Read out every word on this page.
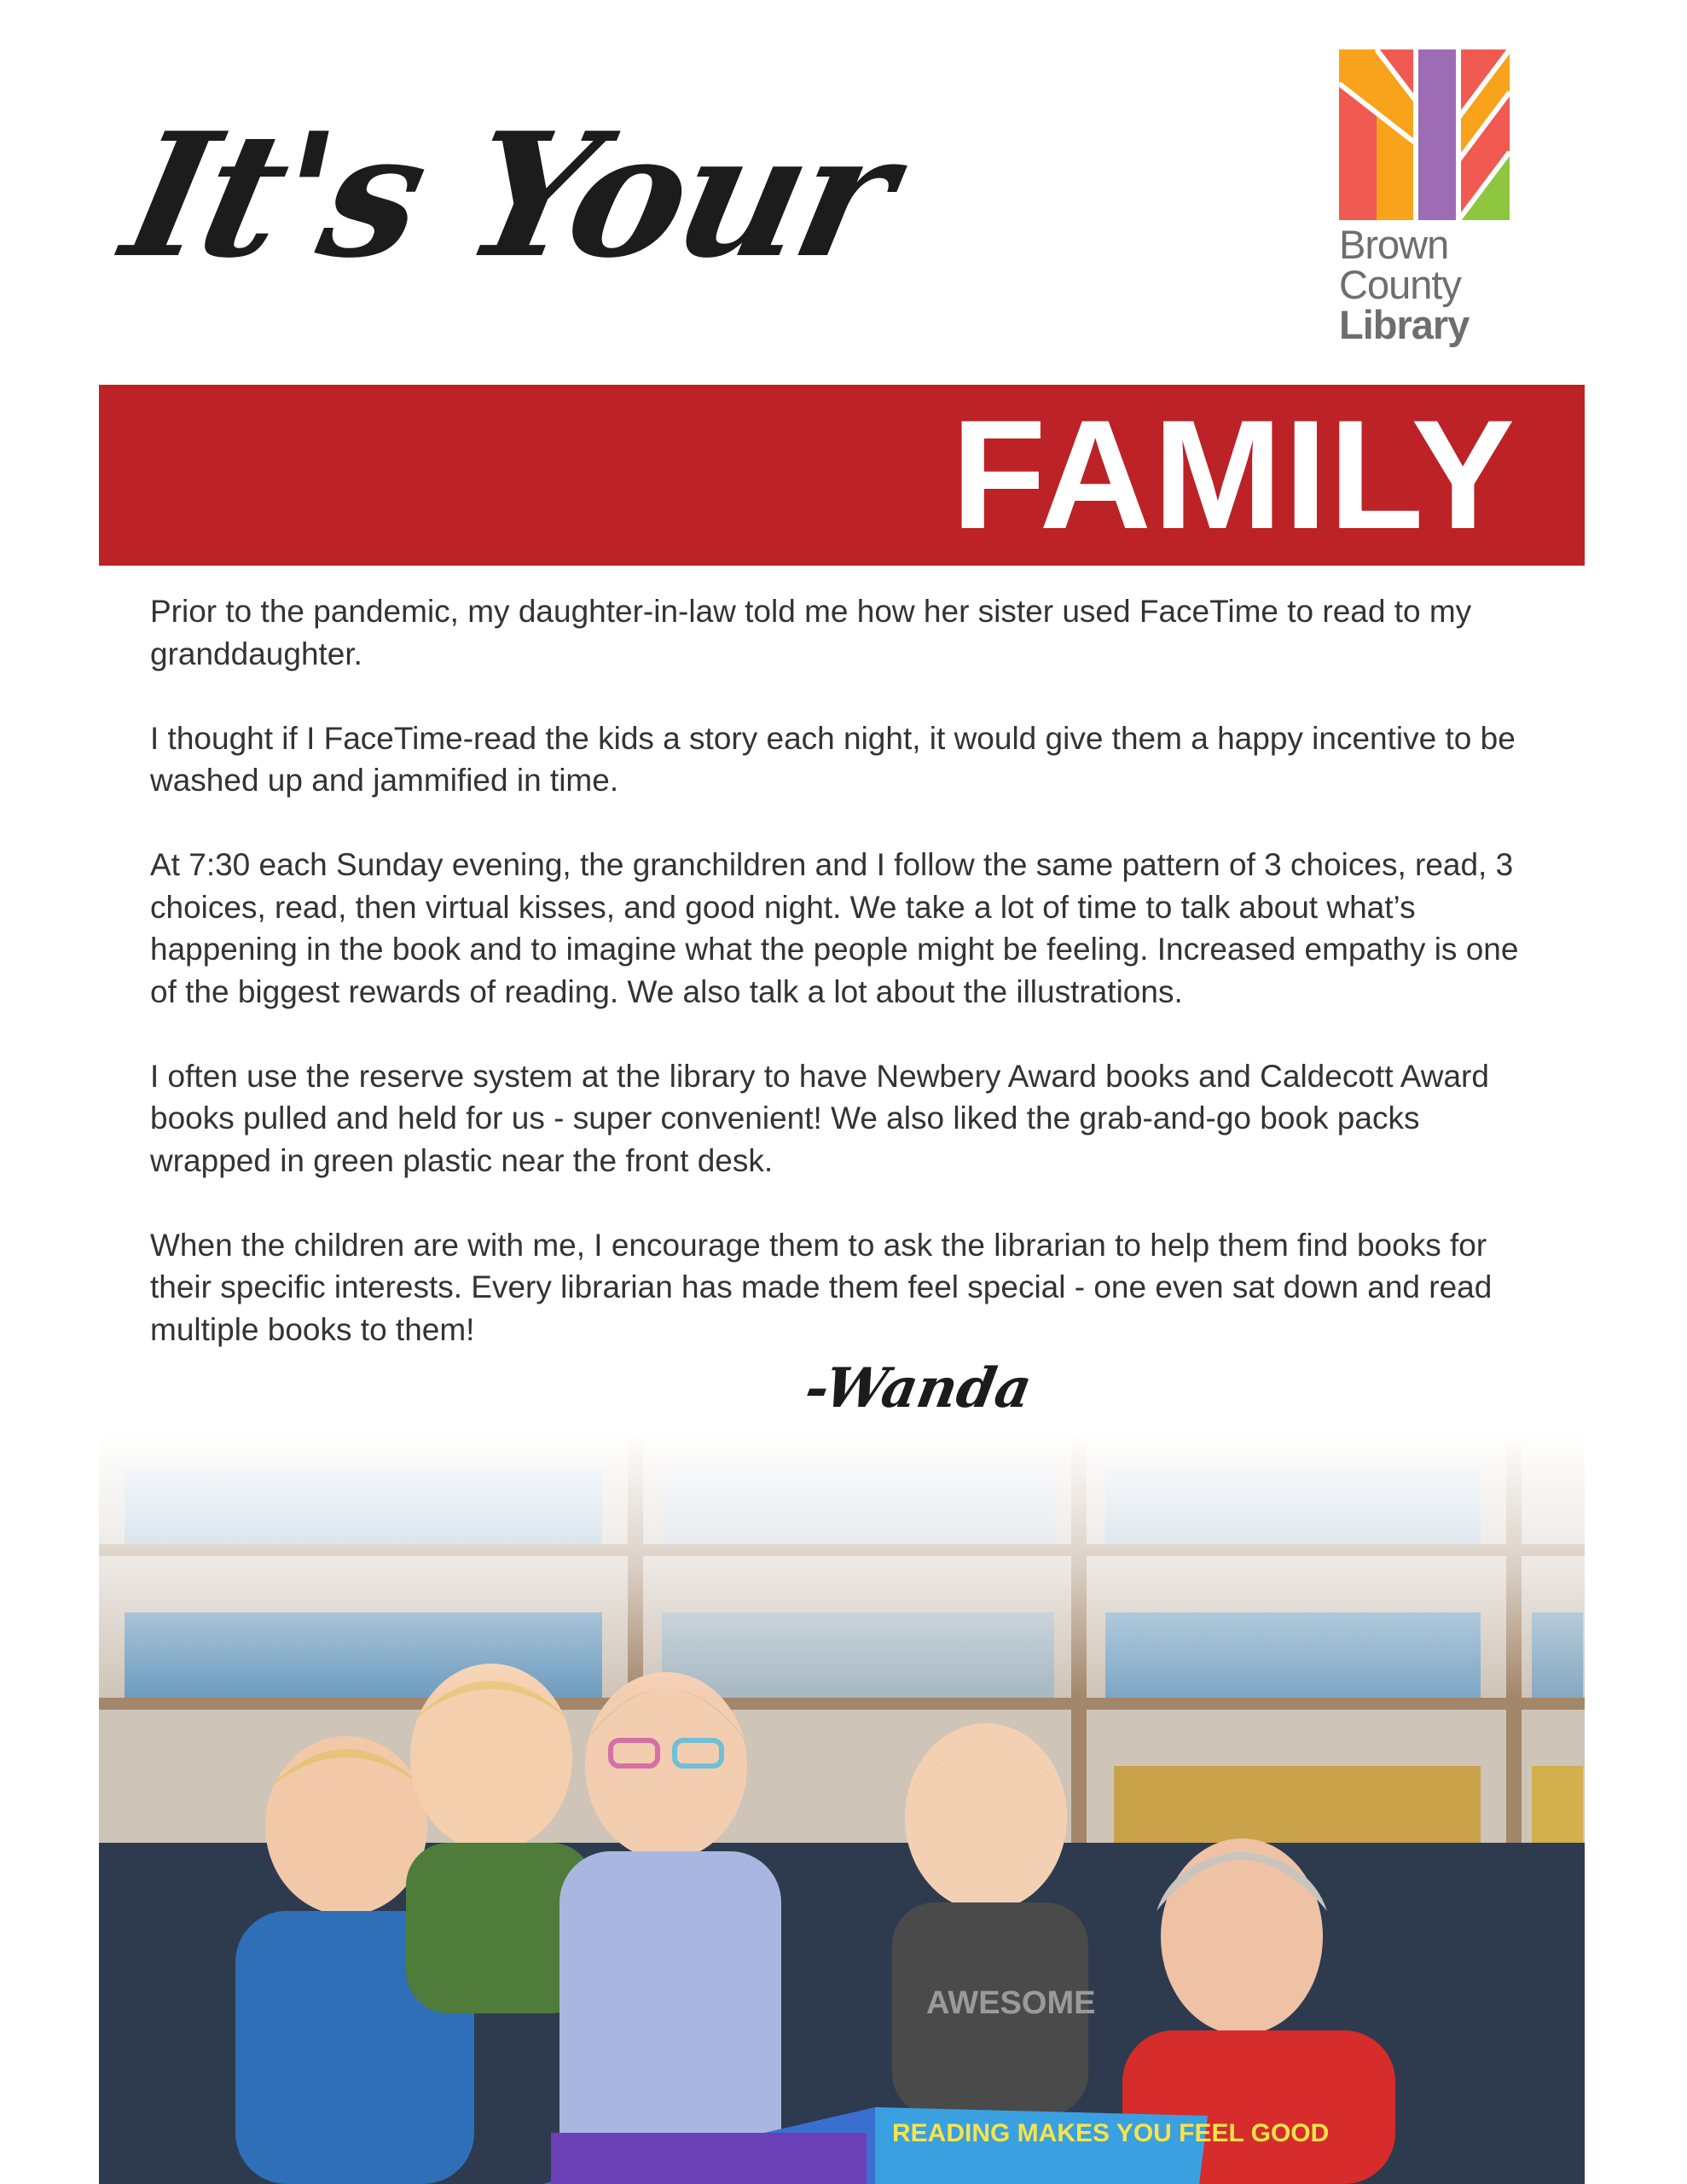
It's Your	Brown
County
Library
FAMILY

Prior to the pandemic, my daughter-in-law told me how her sister used FaceTime to read to my granddaughter.

I thought if I FaceTime-read the kids a story each night, it would give them a happy incentive to be washed up and jammified in time.

At 7:30 each Sunday evening, the granchildren and I follow the same pattern of 3 choices, read, 3 choices, read, then virtual kisses, and good night. We take a lot of time to talk about what’s happening in the book and to imagine what the people might be feeling. Increased empathy is one of the biggest rewards of reading. We also talk a lot about the illustrations.

I often use the reserve system at the library to have Newbery Award books and Caldecott Award books pulled and held for us - super convenient! We also liked the grab-and-go book packs wrapped in green plastic near the front desk.

When the children are with me, I encourage them to ask the librarian to help them find books for their specific interests. Every librarian has made them feel special - one even sat down and read multiple books to them!

-Wanda
